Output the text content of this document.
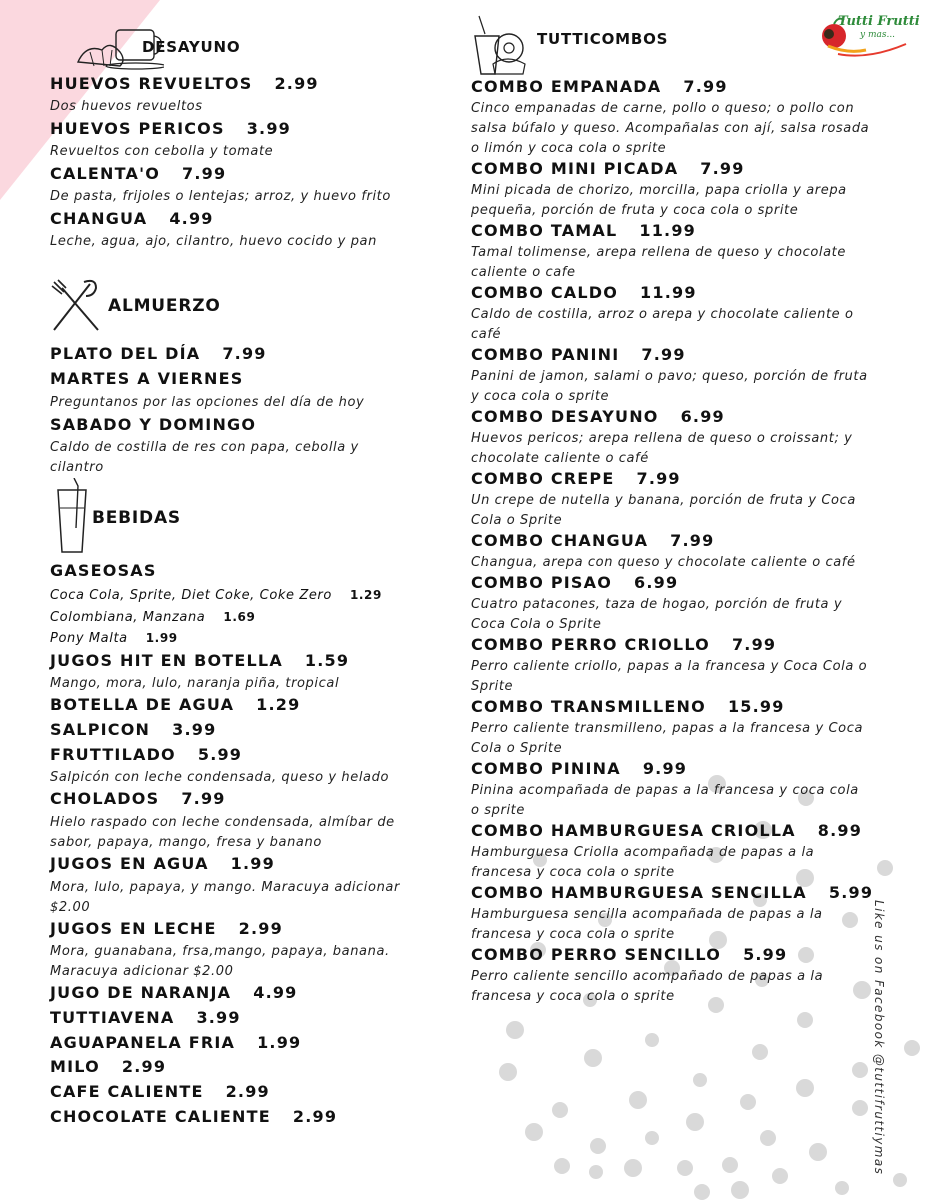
DESAYUNO
HUEVOS REVUELTOS 2.99
Dos huevos revueltos
HUEVOS PERICOS 3.99
Revueltos con cebolla y tomate
CALENTA'O 7.99
De pasta, frijoles o lentejas; arroz, y huevo frito
CHANGUA 4.99
Leche, agua, ajo, cilantro, huevo cocido y pan
ALMUERZO
PLATO DEL DÍA 7.99
MARTES A VIERNES
Preguntanos por las opciones del día de hoy
SABADO Y DOMINGO
Caldo de costilla de res con papa, cebolla y cilantro
BEBIDAS
GASEOSAS
Coca Cola, Sprite, Diet Coke, Coke Zero 1.29
Colombiana, Manzana 1.69
Pony Malta 1.99
JUGOS HIT EN BOTELLA 1.59
Mango, mora, lulo, naranja piña, tropical
BOTELLA DE AGUA 1.29
SALPICON 3.99
FRUTTILADO 5.99
Salpicón con leche condensada, queso y helado
CHOLADOS 7.99
Hielo raspado con leche condensada, almíbar de sabor, papaya, mango, fresa y banano
JUGOS EN AGUA 1.99
Mora, lulo, papaya, y mango. Maracuya adicionar $2.00
JUGOS EN LECHE 2.99
Mora, guanabana, frsa,mango, papaya, banana. Maracuya adicionar $2.00
JUGO DE NARANJA 4.99
TUTTIAVENA 3.99
AGUAPANELA FRIA 1.99
MILO 2.99
CAFE CALIENTE 2.99
CHOCOLATE CALIENTE 2.99
TUTTICOMBOS
COMBO EMPANADA 7.99
Cinco empanadas de carne, pollo o queso; o pollo con salsa búfalo y queso. Acompañalas con ají, salsa rosada o limón y coca cola o sprite
COMBO MINI PICADA 7.99
Mini picada de chorizo, morcilla, papa criolla y arepa pequeña, porción de fruta y coca cola o sprite
COMBO TAMAL 11.99
Tamal tolimense, arepa rellena de queso y chocolate caliente o cafe
COMBO CALDO 11.99
Caldo de costilla, arroz o arepa y chocolate caliente o café
COMBO PANINI 7.99
Panini de jamon, salami o pavo; queso, porción de fruta y coca cola o sprite
COMBO DESAYUNO 6.99
Huevos pericos; arepa rellena de queso o croissant; y chocolate caliente o café
COMBO CREPE 7.99
Un crepe de nutella y banana, porción de fruta y Coca Cola o Sprite
COMBO CHANGUA 7.99
Changua, arepa con queso y chocolate caliente o café
COMBO PISAO 6.99
Cuatro patacones, taza de hogao, porción de fruta y Coca Cola o Sprite
COMBO PERRO CRIOLLO 7.99
Perro caliente criollo, papas a la francesa y Coca Cola o Sprite
COMBO TRANSMILLENO 15.99
Perro caliente transmilleno, papas a la francesa y Coca Cola o Sprite
COMBO PININA 9.99
Pinina acompañada de papas a la francesa y coca cola o sprite
COMBO HAMBURGUESA CRIOLLA 8.99
Hamburguesa Criolla acompañada de papas a la francesa y coca cola o sprite
COMBO HAMBURGUESA SENCILLA 5.99
Hamburguesa sencilla acompañada de papas a la francesa y coca cola o sprite
COMBO PERRO SENCILLO 5.99
Perro caliente sencillo acompañado de papas a la francesa y coca cola o sprite
Tutti Frutti
y mas...
Like us on Facebook @tuttifruttiymas
